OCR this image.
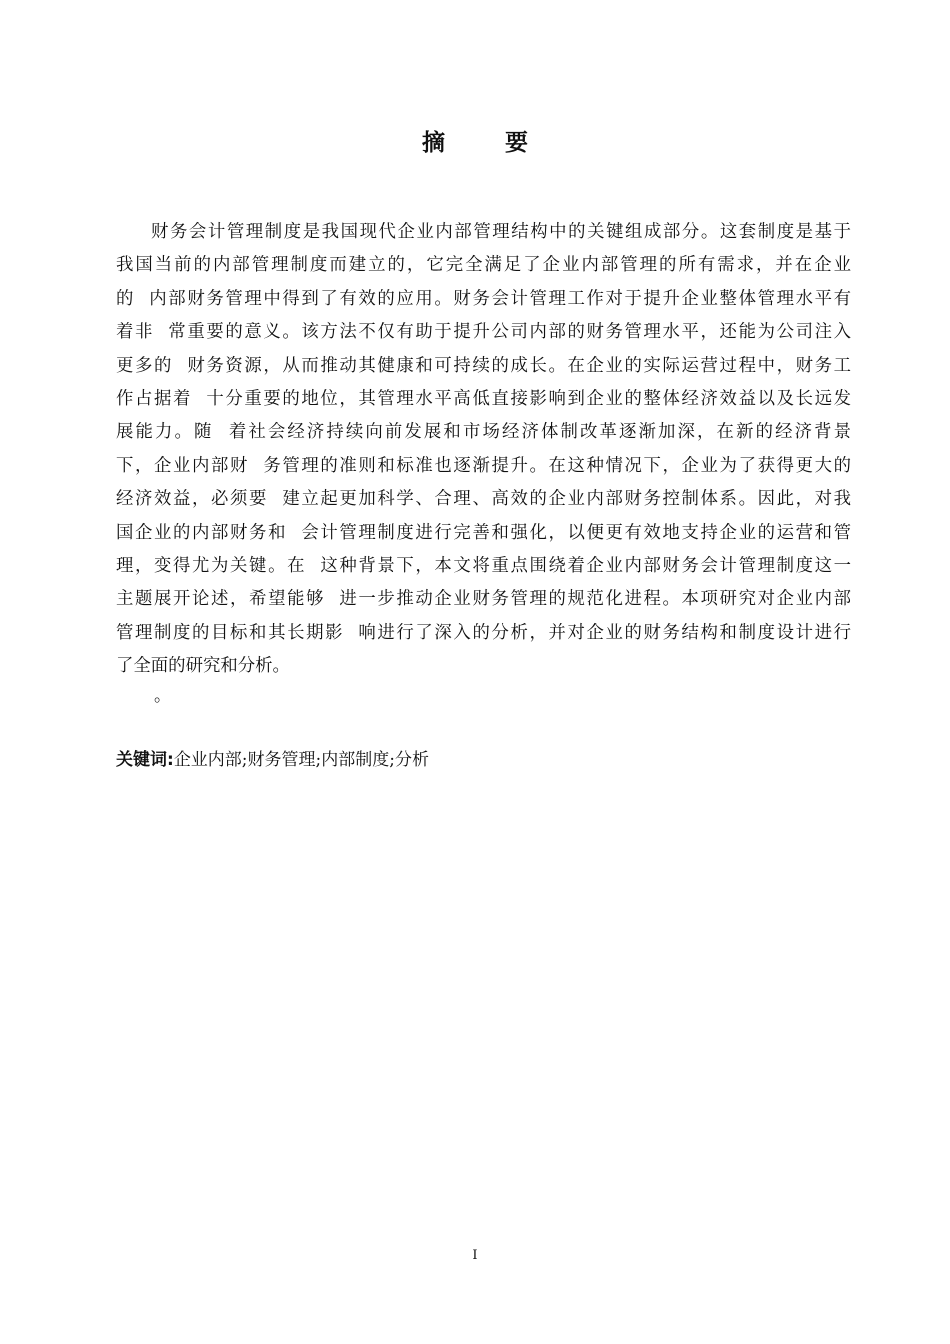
摘 要
财务会计管理制度是我国现代企业内部管理结构中的关键组成部分。这套制度是基于
我国当前的内部管理制度而建立的，它完全满足了企业内部管理的所有需求，并在企业
的  内部财务管理中得到了有效的应用。财务会计管理工作对于提升企业整体管理水平有
着非  常重要的意义。该方法不仅有助于提升公司内部的财务管理水平，还能为公司注入
更多的  财务资源，从而推动其健康和可持续的成长。在企业的实际运营过程中，财务工
作占据着  十分重要的地位，其管理水平高低直接影响到企业的整体经济效益以及长远发
展能力。随  着社会经济持续向前发展和市场经济体制改革逐渐加深，在新的经济背景
下，企业内部财  务管理的准则和标准也逐渐提升。在这种情况下，企业为了获得更大的
经济效益，必须要  建立起更加科学、合理、高效的企业内部财务控制体系。因此，对我
国企业的内部财务和  会计管理制度进行完善和强化，以便更有效地支持企业的运营和管
理，变得尤为关键。在  这种背景下，本文将重点围绕着企业内部财务会计管理制度这一
主题展开论述，希望能够  进一步推动企业财务管理的规范化进程。本项研究对企业内部
管理制度的目标和其长期影  响进行了深入的分析，并对企业的财务结构和制度设计进行
了全面的研究和分析。
。
关键词:企业内部;财务管理;内部制度;分析
I
